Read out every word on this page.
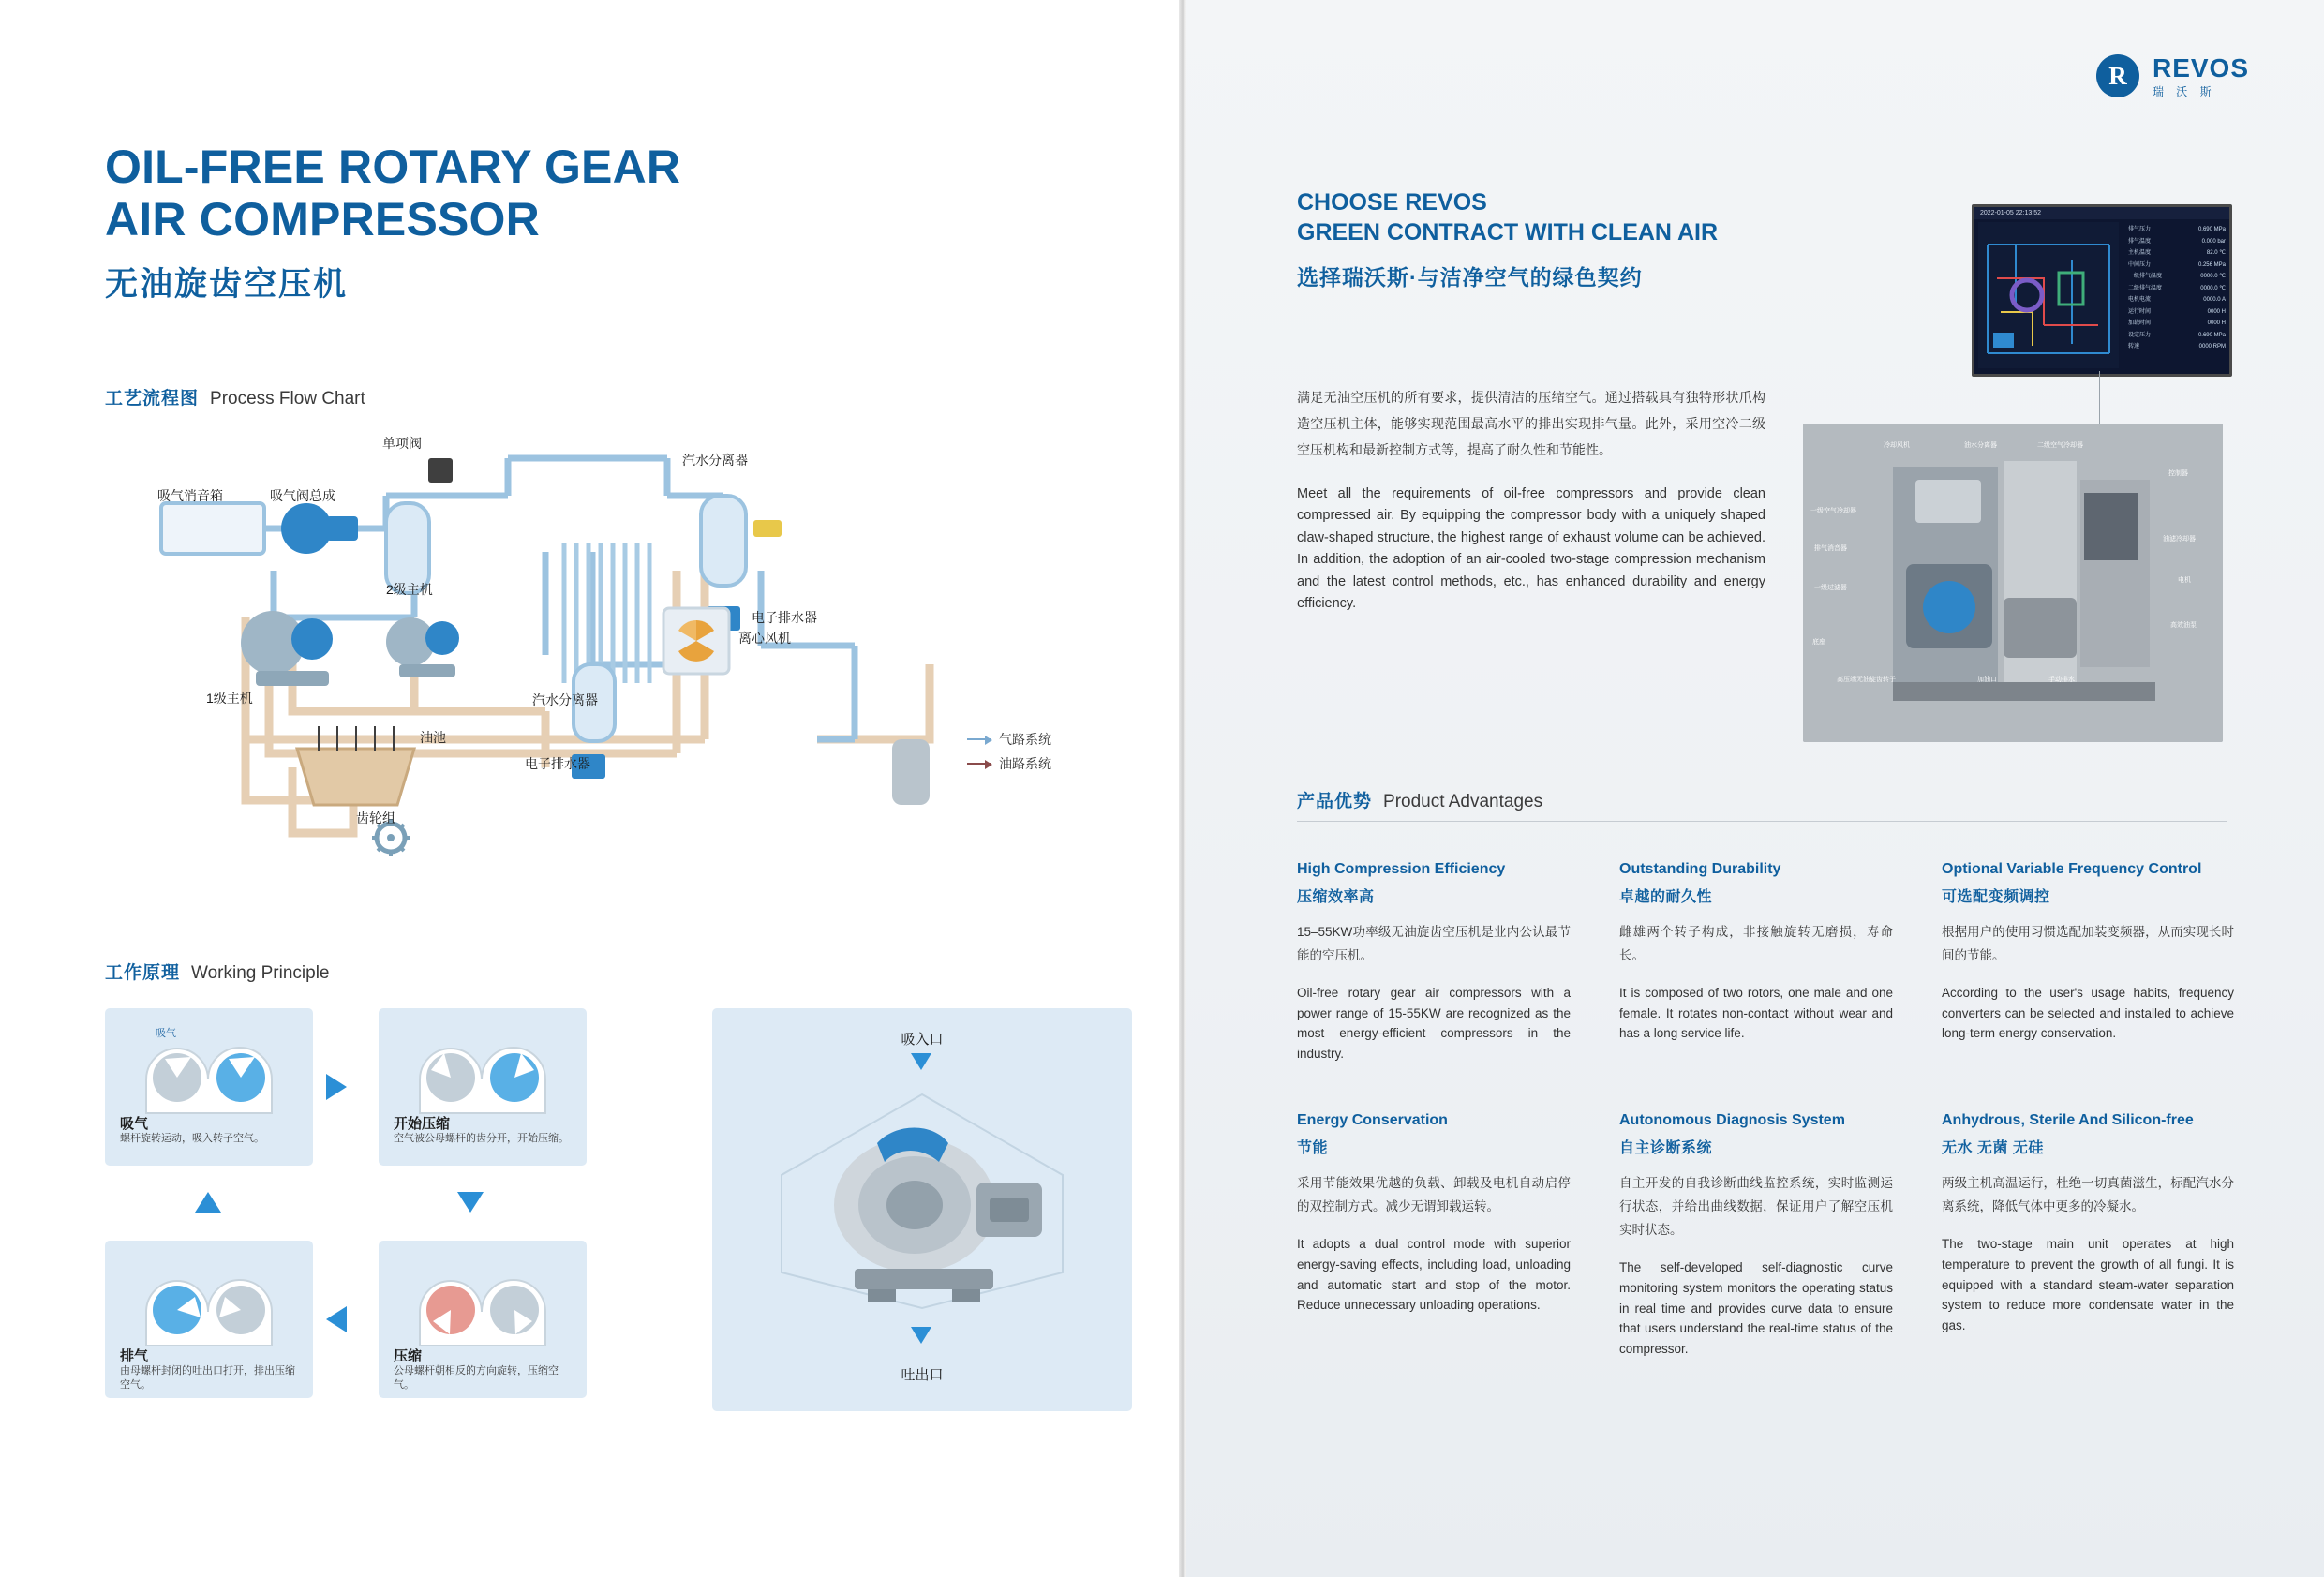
OIL-FREE ROTARY GEAR
AIR COMPRESSOR
无油旋齿空压机
工艺流程图 Process Flow Chart
吸气消音箱	吸气阀总成
单项阀
汽水分离器
电子排水器
2级主机
离心风机
汽水分离器
1级主机
油池
电子排水器
齿轮组
气路系统
油路系统
工作原理 Working Principle
吸气
吸气
螺杆旋转运动，吸入转子空气。
开始压缩
空气被公母螺杆的齿分开，开始压缩。
压缩
公母螺杆朝相反的方向旋转，压缩空气。
排气
由母螺杆封闭的吐出口打开，排出压缩空气。
吸入口
吐出口
R REVOS
瑞 沃 斯
CHOOSE REVOS
GREEN CONTRACT WITH CLEAN AIR
选择瑞沃斯·与洁净空气的绿色契约
满足无油空压机的所有要求，提供清洁的压缩空气。通过搭载具有独特形状爪构造空压机主体，能够实现范围最高水平的排出实现排气量。此外，采用空冷二级空压机构和最新控制方式等，提高了耐久性和节能性。
Meet all the requirements of oil-free compressors and provide clean compressed air. By equipping the compressor body with a uniquely shaped claw-shaped structure, the highest range of exhaust volume can be achieved. In addition, the adoption of an air-cooled two-stage compression mechanism and the latest control methods, etc., has enhanced durability and energy efficiency.
2022-01-05 22:13:52
排气压力	0.690 MPa
排气温度	0.000 bar
主机温度	82.0 ℃
中间压力	0.256 MPa
一级排气温度	0000.0 ℃
二级排气温度	0000.0 ℃
电机电流	0000.0 A
运行时间	0000 H
加载时间	0000 H
设定压力	0.690 MPa
转速	0000 RPM
冷却风机	油水分离器	二级空气冷却器
控制器
一级空气冷却器
排气消音器
油滤冷却器
一级过滤器
电机
高效油泵
高压端无油旋齿转子	加油口	手动排水
底座
产品优势 Product Advantages
High Compression Efficiency
压缩效率高
15–55KW功率级无油旋齿空压机是业内公认最节能的空压机。
Oil-free rotary gear air compressors with a power range of 15-55KW are recognized as the most energy-efficient compressors in the industry.
Outstanding Durability
卓越的耐久性
雌雄两个转子构成，非接触旋转无磨损，寿命长。
It is composed of two rotors, one male and one female. It rotates non-contact without wear and has a long service life.
Optional Variable Frequency Control
可选配变频调控
根据用户的使用习惯选配加装变频器，从而实现长时间的节能。
According to the user's usage habits, frequency converters can be selected and installed to achieve long-term energy conservation.
Energy Conservation
节能
采用节能效果优越的负载、卸载及电机自动启停的双控制方式。减少无谓卸载运转。
It adopts a dual control mode with superior energy-saving effects, including load, unloading and automatic start and stop of the motor. Reduce unnecessary unloading operations.
Autonomous Diagnosis System
自主诊断系统
自主开发的自我诊断曲线监控系统，实时监测运行状态，并给出曲线数据，保证用户了解空压机实时状态。
The self-developed self-diagnostic curve monitoring system monitors the operating status in real time and provides curve data to ensure that users understand the real-time status of the compressor.
Anhydrous, Sterile And Silicon-free
无水 无菌 无硅
两级主机高温运行，杜绝一切真菌滋生，标配汽水分离系统，降低气体中更多的冷凝水。
The two-stage main unit operates at high temperature to prevent the growth of all fungi. It is equipped with a standard steam-water separation system to reduce more condensate water in the gas.
